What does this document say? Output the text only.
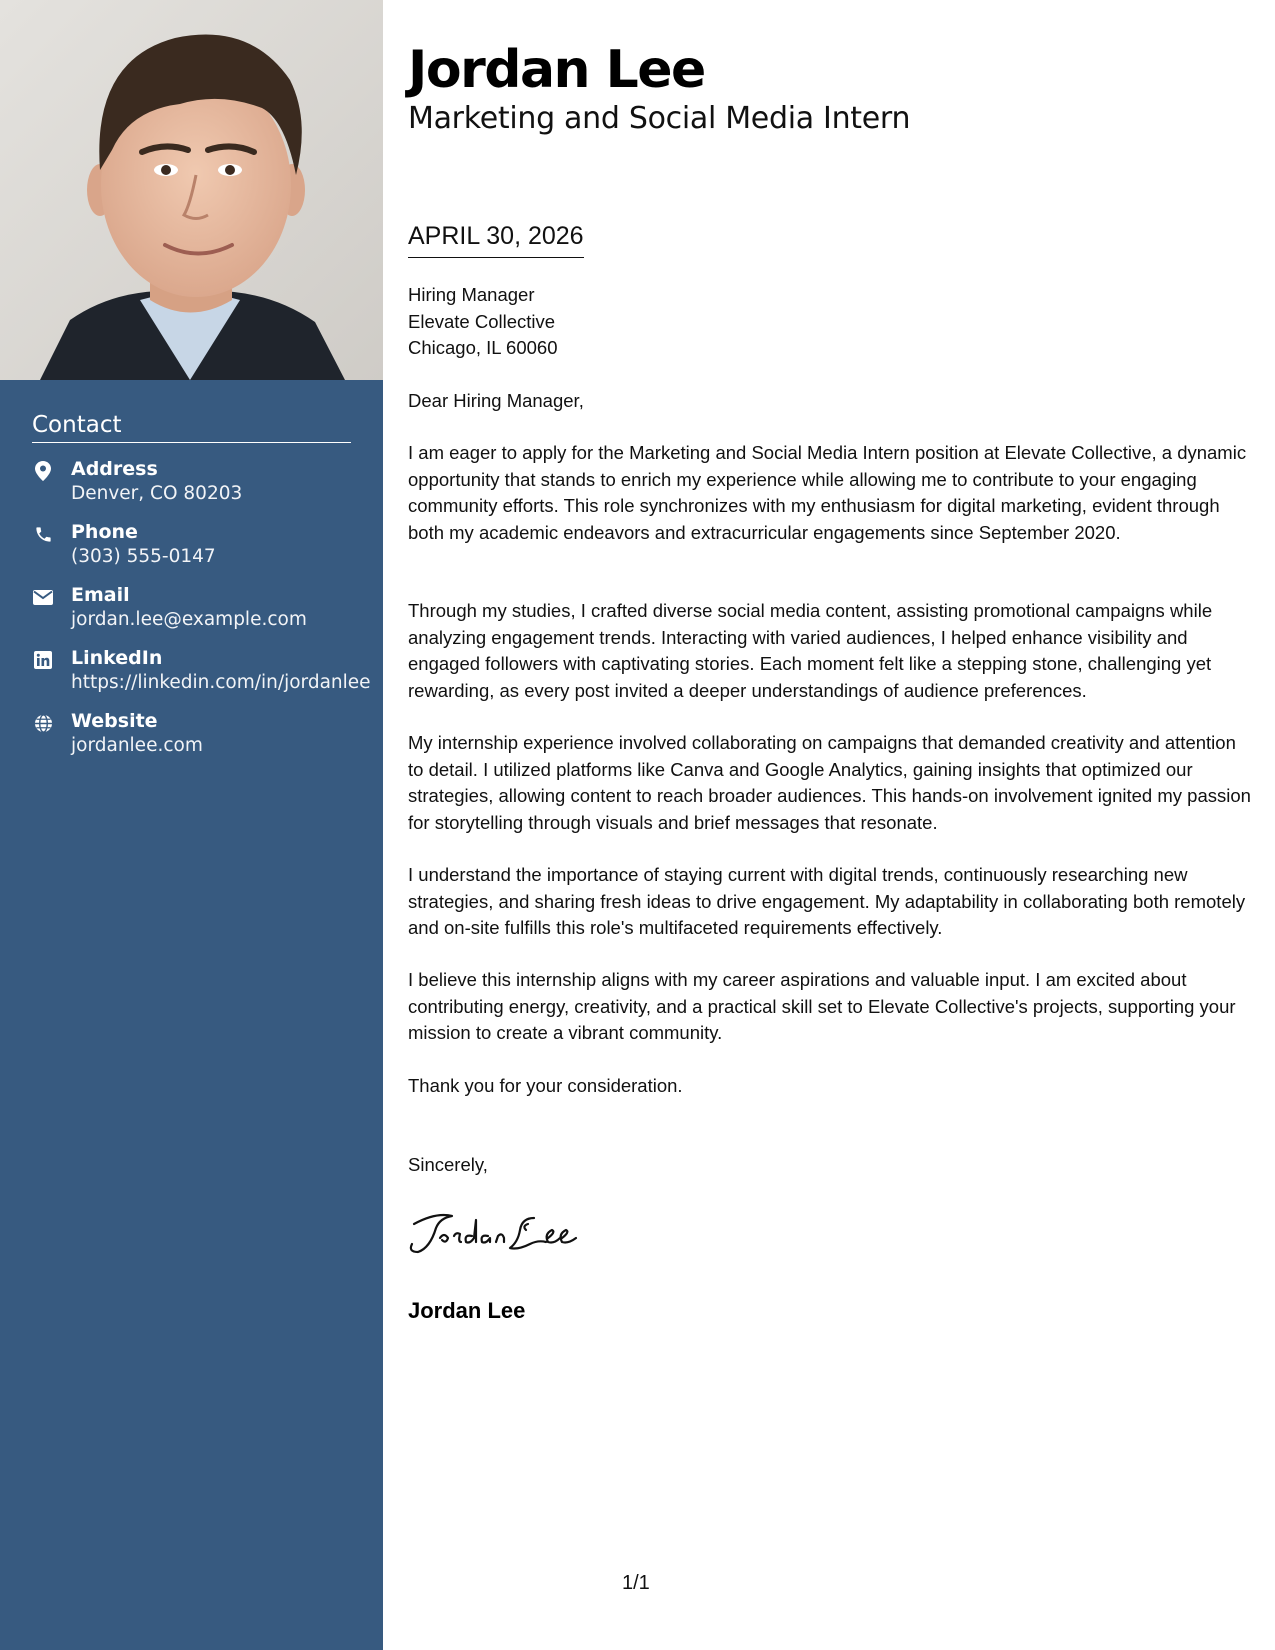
Contact
Address
Denver, CO 80203
Phone
(303) 555-0147
Email
jordan.lee@example.com
LinkedIn
https://linkedin.com/in/jordanlee
Website
jordanlee.com
Jordan Lee
Marketing and Social Media Intern
APRIL 30, 2026
Hiring Manager
Elevate Collective
Chicago, IL 60060
Dear Hiring Manager,
I am eager to apply for the Marketing and Social Media Intern position at Elevate Collective, a dynamic opportunity that stands to enrich my experience while allowing me to contribute to your engaging community efforts. This role synchronizes with my enthusiasm for digital marketing, evident through both my academic endeavors and extracurricular engagements since September 2020.
Through my studies, I crafted diverse social media content, assisting promotional campaigns while analyzing engagement trends. Interacting with varied audiences, I helped enhance visibility and engaged followers with captivating stories. Each moment felt like a stepping stone, challenging yet rewarding, as every post invited a deeper understandings of audience preferences.
My internship experience involved collaborating on campaigns that demanded creativity and attention to detail. I utilized platforms like Canva and Google Analytics, gaining insights that optimized our strategies, allowing content to reach broader audiences. This hands-on involvement ignited my passion for storytelling through visuals and brief messages that resonate.
I understand the importance of staying current with digital trends, continuously researching new strategies, and sharing fresh ideas to drive engagement. My adaptability in collaborating both remotely and on-site fulfills this role's multifaceted requirements effectively.
I believe this internship aligns with my career aspirations and valuable input. I am excited about contributing energy, creativity, and a practical skill set to Elevate Collective's projects, supporting your mission to create a vibrant community.
Thank you for your consideration.
Sincerely,
Jordan Lee
1/1
